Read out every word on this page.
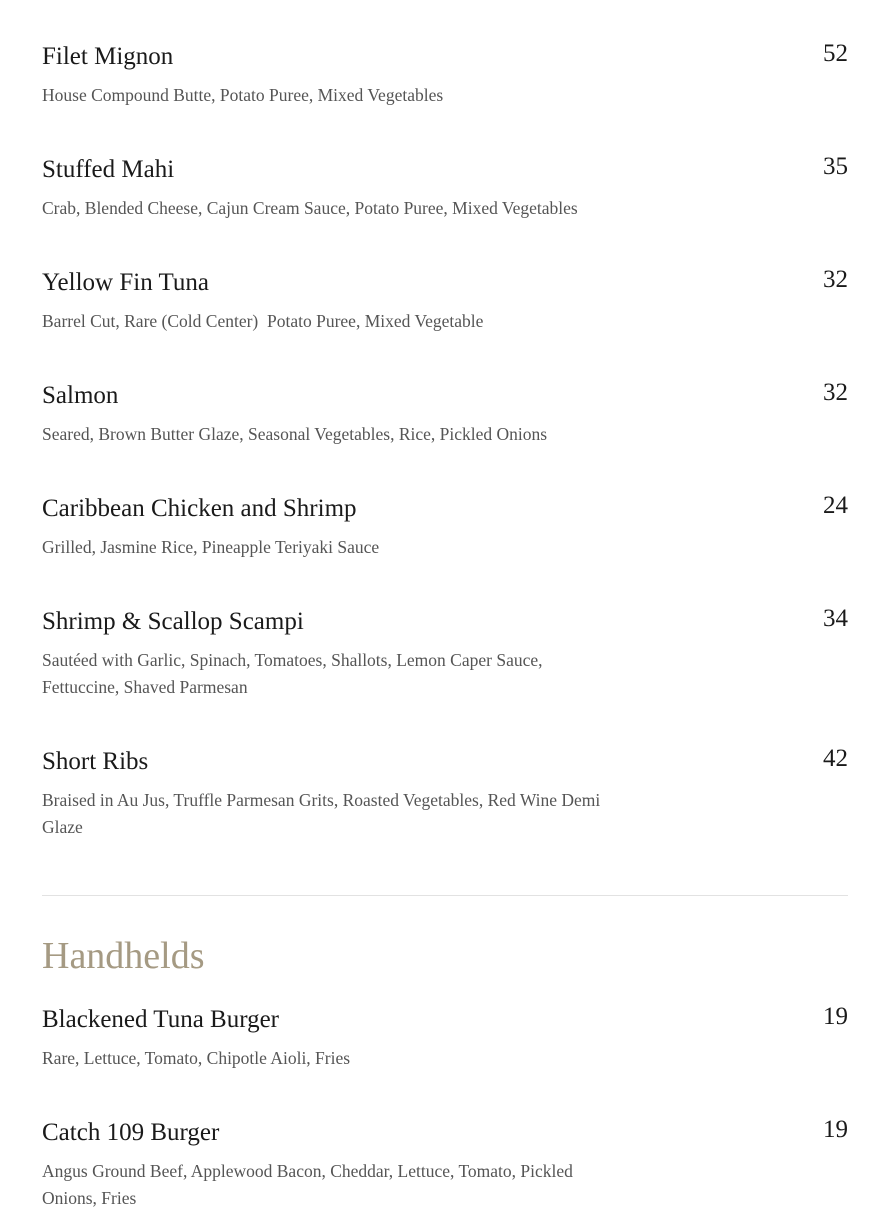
Filet Mignon	52
House Compound Butte, Potato Puree, Mixed Vegetables
Stuffed Mahi	35
Crab, Blended Cheese, Cajun Cream Sauce, Potato Puree, Mixed Vegetables
Yellow Fin Tuna	32
Barrel Cut, Rare (Cold Center)  Potato Puree, Mixed Vegetable
Salmon	32
Seared, Brown Butter Glaze, Seasonal Vegetables, Rice, Pickled Onions
Caribbean Chicken and Shrimp	24
Grilled, Jasmine Rice, Pineapple Teriyaki Sauce
Shrimp & Scallop Scampi	34
Sautéed with Garlic, Spinach, Tomatoes, Shallots, Lemon Caper Sauce, Fettuccine, Shaved Parmesan
Short Ribs	42
Braised in Au Jus, Truffle Parmesan Grits, Roasted Vegetables, Red Wine Demi  Glaze
Handhelds
Blackened Tuna Burger	19
Rare, Lettuce, Tomato, Chipotle Aioli, Fries
Catch 109 Burger	19
Angus Ground Beef, Applewood Bacon, Cheddar, Lettuce, Tomato, Pickled Onions, Fries
